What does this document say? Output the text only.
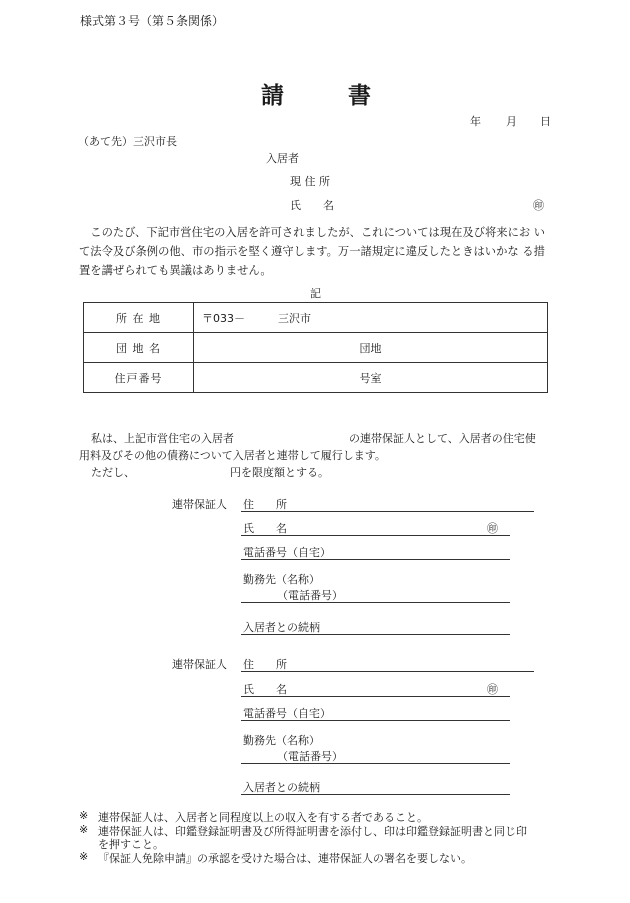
様式第３号（第５条関係）
請	書
年 月 日
（あて先）三沢市長
入居者
現 住 所
氏　　名	㊞
　このたび、下記市営住宅の入居を許可されましたが、これについては現在及び将来にお いて法令及び条例の他、市の指示を堅く遵守します。万一諸規定に違反したときはいかな る措置を講ぜられても異議はありません。
記
所 在 地	〒033－　　　三沢市
団 地 名	団地
住戸番号	号室
私は、上記市営住宅の入居者	の連帯保証人として、入居者の住宅使
用料及びその他の債務について入居者と連帯して履行します。
ただし、	円を限度額とする。
連帯保証人 住　　所
氏　　名	㊞
電話番号（自宅）
勤務先（名称）
（電話番号）
入居者との続柄
連帯保証人 住　　所
氏　　名	㊞
電話番号（自宅）
勤務先（名称）
（電話番号）
入居者との続柄
※ 連帯保証人は、入居者と同程度以上の収入を有する者であること。
※ 連帯保証人は、印鑑登録証明書及び所得証明書を添付し、印は印鑑登録証明書と同じ印
を押すこと。
※ 『保証人免除申請』の承認を受けた場合は、連帯保証人の署名を要しない。
